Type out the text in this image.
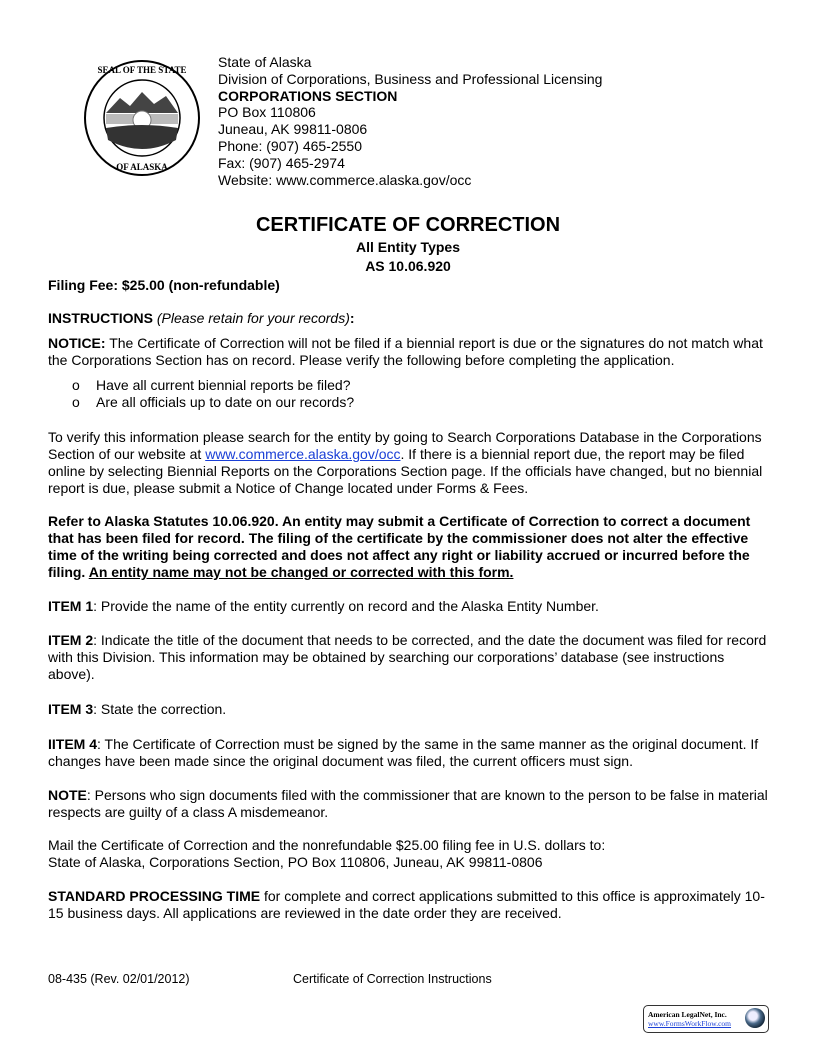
SEAL OF THE STATE
OF ALASKA
State of Alaska
Division of Corporations, Business and Professional Licensing
CORPORATIONS SECTION
PO Box 110806
Juneau, AK 99811-0806
Phone: (907) 465-2550
Fax: (907) 465-2974
Website: www.commerce.alaska.gov/occ
CERTIFICATE OF CORRECTION
All Entity Types
AS 10.06.920
Filing Fee: $25.00 (non-refundable)
INSTRUCTIONS (Please retain for your records):
NOTICE: The Certificate of Correction will not be filed if a biennial report is due or the signatures do not match what the Corporations Section has on record. Please verify the following before completing the application.
o Have all current biennial reports be filed?
o Are all officials up to date on our records?
To verify this information please search for the entity by going to Search Corporations Database in the Corporations Section of our website at www.commerce.alaska.gov/occ. If there is a biennial report due, the report may be filed online by selecting Biennial Reports on the Corporations Section page. If the officials have changed, but no biennial report is due, please submit a Notice of Change located under Forms & Fees.
Refer to Alaska Statutes 10.06.920. An entity may submit a Certificate of Correction to correct a document that has been filed for record. The filing of the certificate by the commissioner does not alter the effective time of the writing being corrected and does not affect any right or liability accrued or incurred before the filing. An entity name may not be changed or corrected with this form.
ITEM 1: Provide the name of the entity currently on record and the Alaska Entity Number.
ITEM 2: Indicate the title of the document that needs to be corrected, and the date the document was filed for record with this Division. This information may be obtained by searching our corporations’ database (see instructions above).
ITEM 3: State the correction.
IITEM 4: The Certificate of Correction must be signed by the same in the same manner as the original document. If changes have been made since the original document was filed, the current officers must sign.
NOTE: Persons who sign documents filed with the commissioner that are known to the person to be false in material respects are guilty of a class A misdemeanor.
Mail the Certificate of Correction and the nonrefundable $25.00 filing fee in U.S. dollars to:
State of Alaska, Corporations Section, PO Box 110806, Juneau, AK 99811-0806
STANDARD PROCESSING TIME for complete and correct applications submitted to this office is approximately 10-15 business days. All applications are reviewed in the date order they are received.
08-435 (Rev. 02/01/2012)	Certificate of Correction Instructions
American LegalNet, Inc.
www.FormsWorkFlow.com
